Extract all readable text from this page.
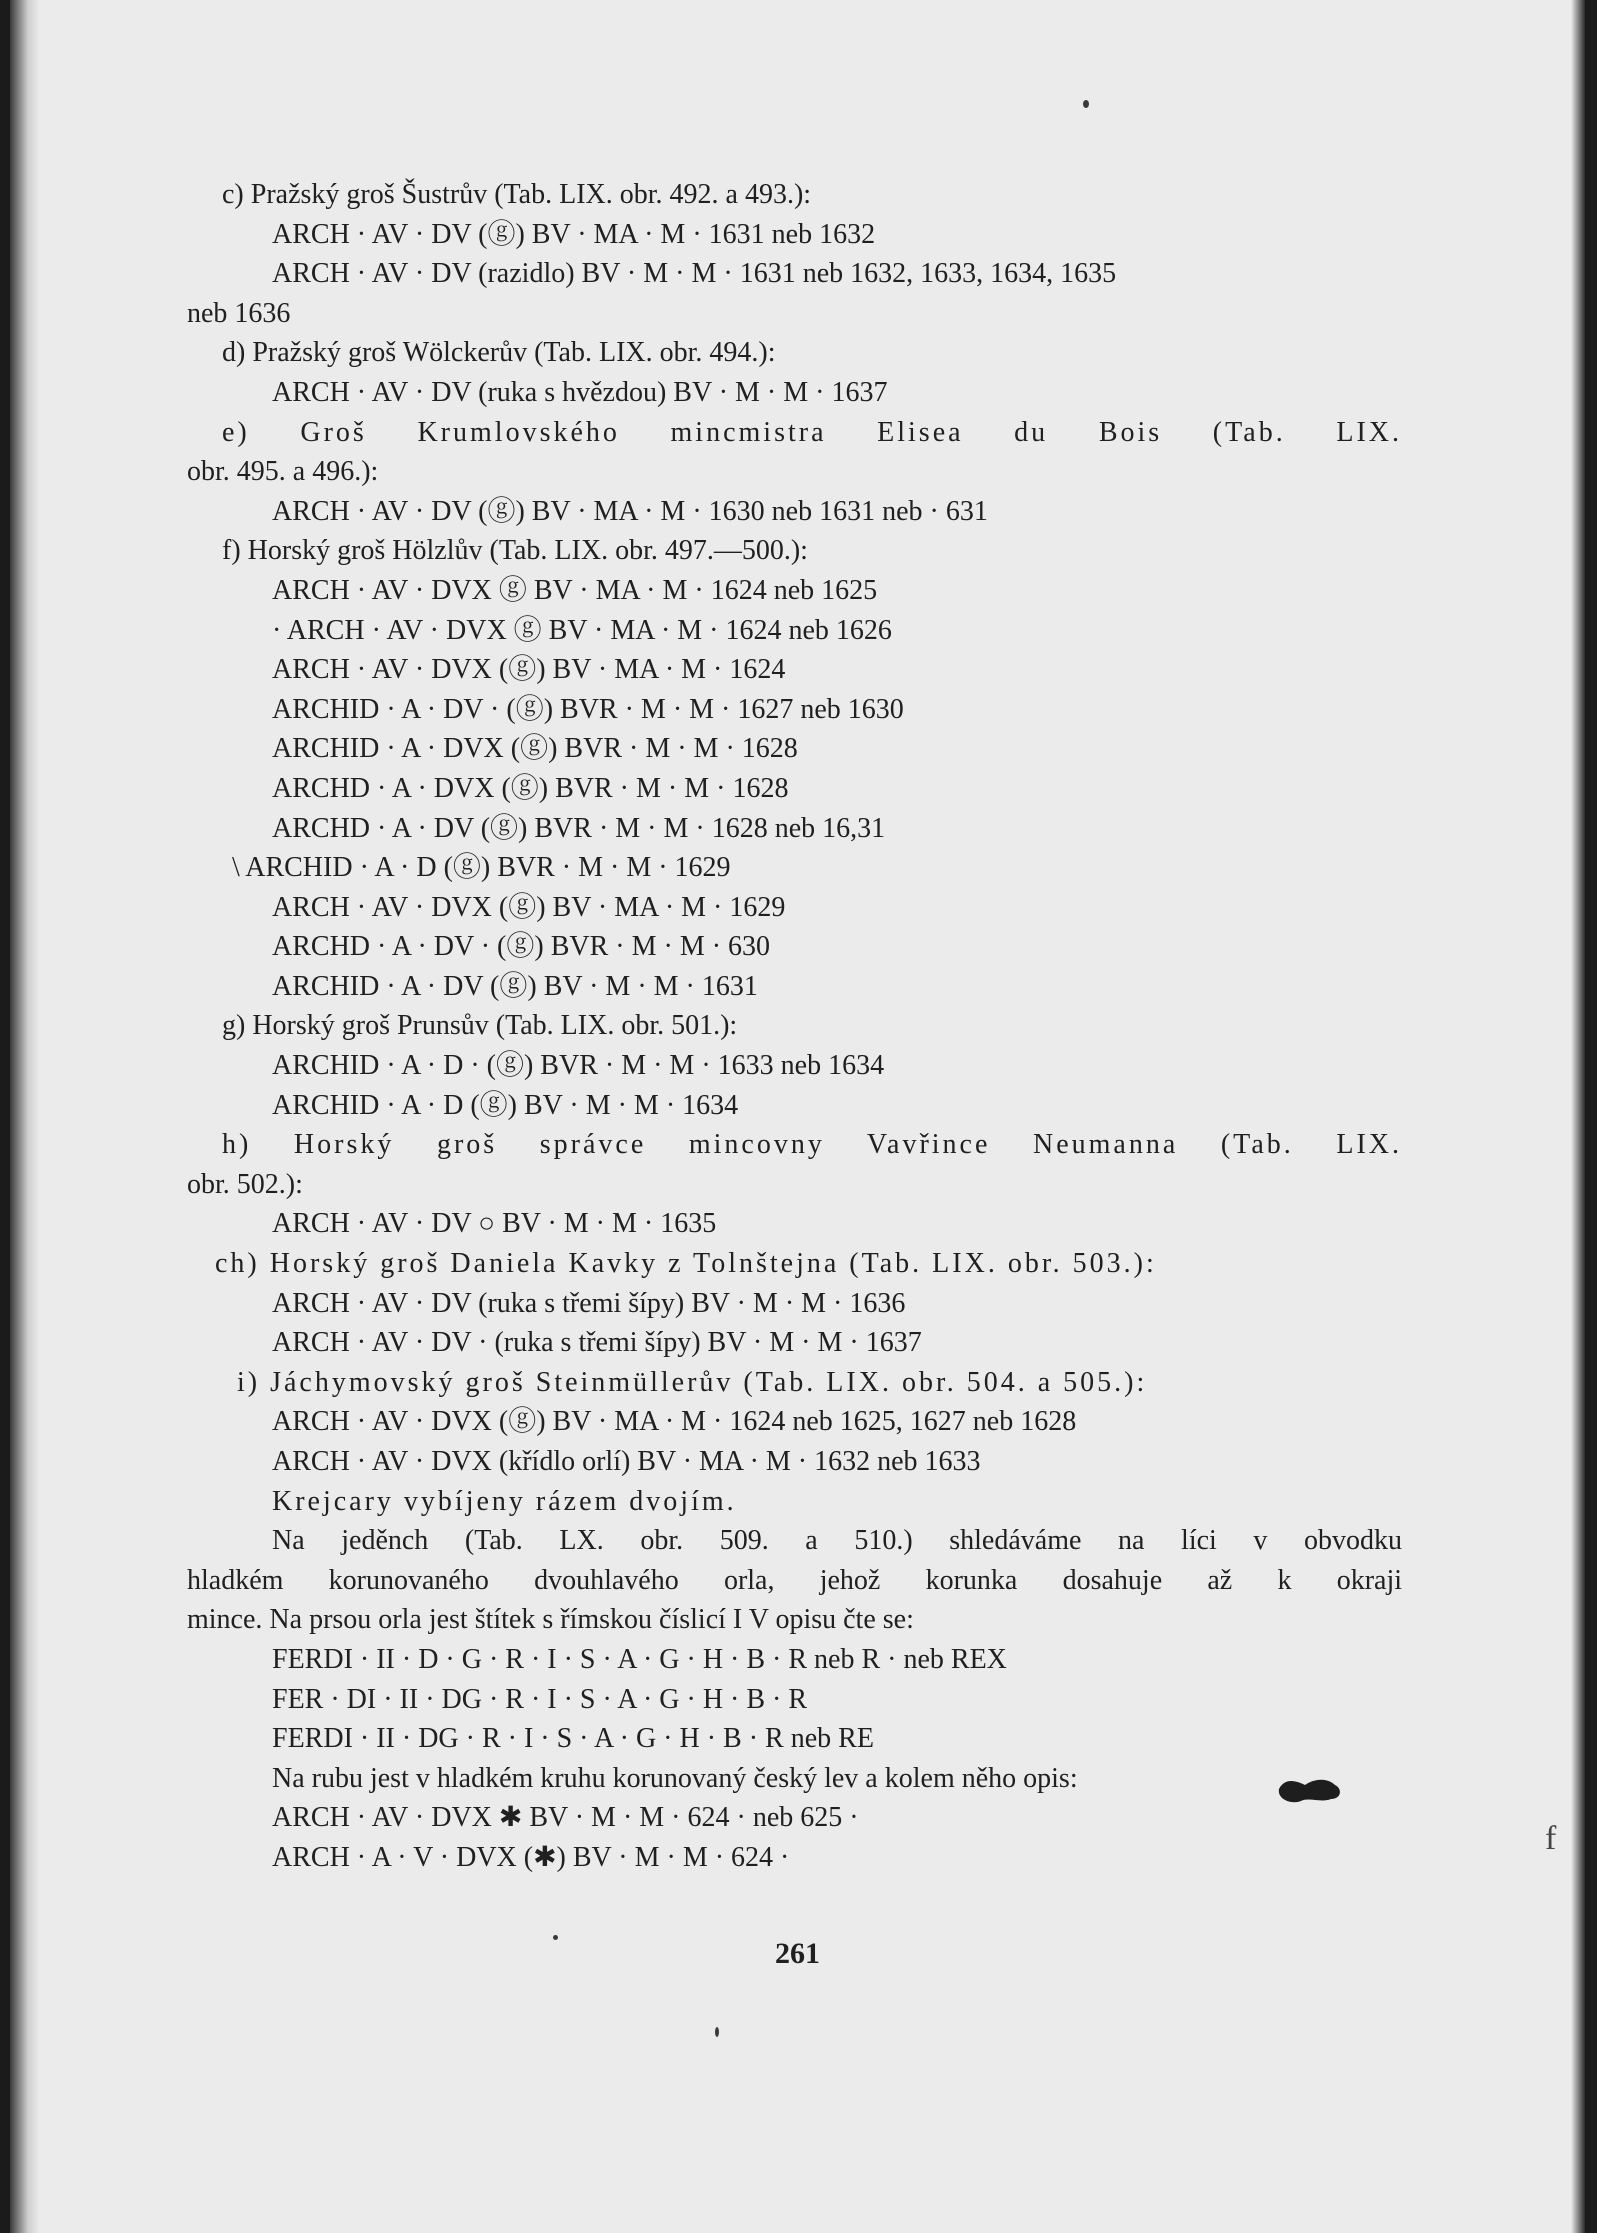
c) Pražský groš Šustrův (Tab. LIX. obr. 492. a 493.):
ARCH · AV · DV (ⓖ) BV · MA · M · 1631 neb 1632
ARCH · AV · DV (razidlo) BV · M · M · 1631 neb 1632, 1633, 1634, 1635
neb 1636
d) Pražský groš Wölckerův (Tab. LIX. obr. 494.):
ARCH · AV · DV (ruka s hvězdou) BV · M · M · 1637
e) Groš Krumlovského mincmistra Elisea du Bois (Tab. LIX.
obr. 495. a 496.):
ARCH · AV · DV (ⓖ) BV · MA · M · 1630 neb 1631 neb · 631
f) Horský groš Hölzlův (Tab. LIX. obr. 497.—500.):
ARCH · AV · DVX ⓖ BV · MA · M · 1624 neb 1625
· ARCH · AV · DVX ⓖ BV · MA · M · 1624 neb 1626
ARCH · AV · DVX (ⓖ) BV · MA · M · 1624
ARCHID · A · DV · (ⓖ) BVR · M · M · 1627 neb 1630
ARCHID · A · DVX (ⓖ) BVR · M · M · 1628
ARCHD · A · DVX (ⓖ) BVR · M · M · 1628
ARCHD · A · DV (ⓖ) BVR · M · M · 1628 neb 16,31
\ ARCHID · A · D (ⓖ) BVR · M · M · 1629
ARCH · AV · DVX (ⓖ) BV · MA · M · 1629
ARCHD · A · DV · (ⓖ) BVR · M · M · 630
ARCHID · A · DV (ⓖ) BV · M · M · 1631
g) Horský groš Prunsův (Tab. LIX. obr. 501.):
ARCHID · A · D · (ⓖ) BVR · M · M · 1633 neb 1634
ARCHID · A · D (ⓖ) BV · M · M · 1634
h) Horský groš správce mincovny Vavřince Neumanna (Tab. LIX.
obr. 502.):
ARCH · AV · DV ○ BV · M · M · 1635
ch) Horský groš Daniela Kavky z Tolnštejna (Tab. LIX. obr. 503.):
ARCH · AV · DV (ruka s třemi šípy) BV · M · M · 1636
ARCH · AV · DV · (ruka s třemi šípy) BV · M · M · 1637
i) Jáchymovský groš Steinmüllerův (Tab. LIX. obr. 504. a 505.):
ARCH · AV · DVX (ⓖ) BV · MA · M · 1624 neb 1625, 1627 neb 1628
ARCH · AV · DVX (křídlo orlí) BV · MA · M · 1632 neb 1633
Krejcary vybíjeny rázem dvojím.
Na jeděnch (Tab. LX. obr. 509. a 510.) shledáváme na líci v obvodku
hladkém korunovaného dvouhlavého orla, jehož korunka dosahuje až k okraji
mince. Na prsou orla jest štítek s římskou číslicí I V opisu čte se:
FERDI · II · D · G · R · I · S · A · G · H · B · R neb R · neb REX
FER · DI · II · DG · R · I · S · A · G · H · B · R
FERDI · II · DG · R · I · S · A · G · H · B · R neb RE
Na rubu jest v hladkém kruhu korunovaný český lev a kolem něho opis:
ARCH · AV · DVX ✱ BV · M · M · 624 · neb 625 ·
ARCH · A · V · DVX (✱) BV · M · M · 624 ·
261
f
